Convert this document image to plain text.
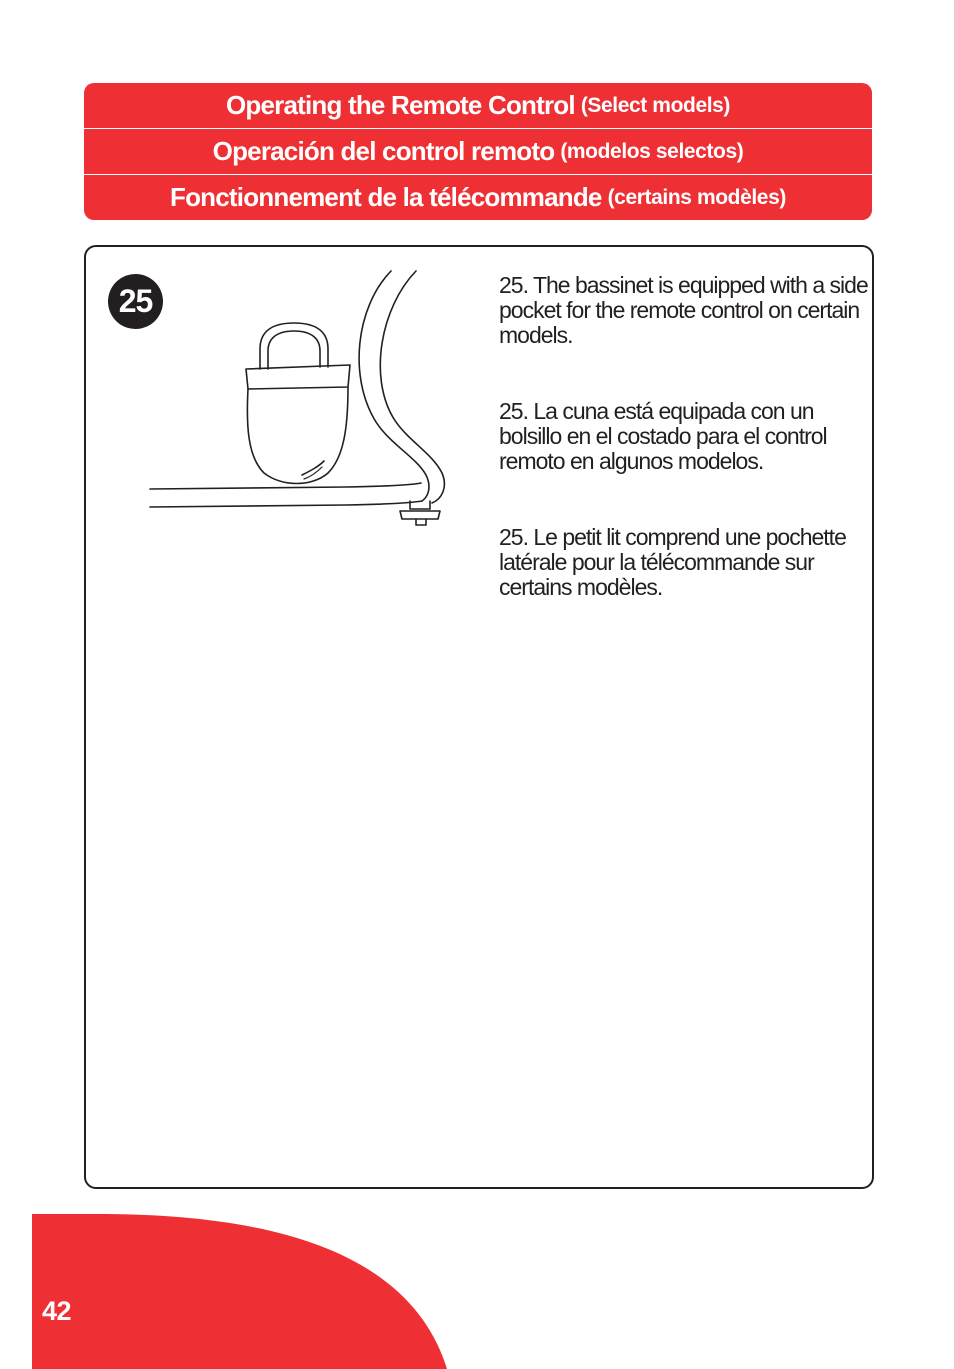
Operating the Remote Control (Select models)
Operación del control remoto (modelos selectos)
Fonctionnement de la télécommande (certains modèles)
25	25. The bassinet is equipped with a side pocket for the remote control on certain models.

25. La cuna está equipada con un bolsillo en el costado para el control remoto en algunos modelos.

25. Le petit lit comprend une pochette latérale pour la télécommande sur certains modèles.

42
